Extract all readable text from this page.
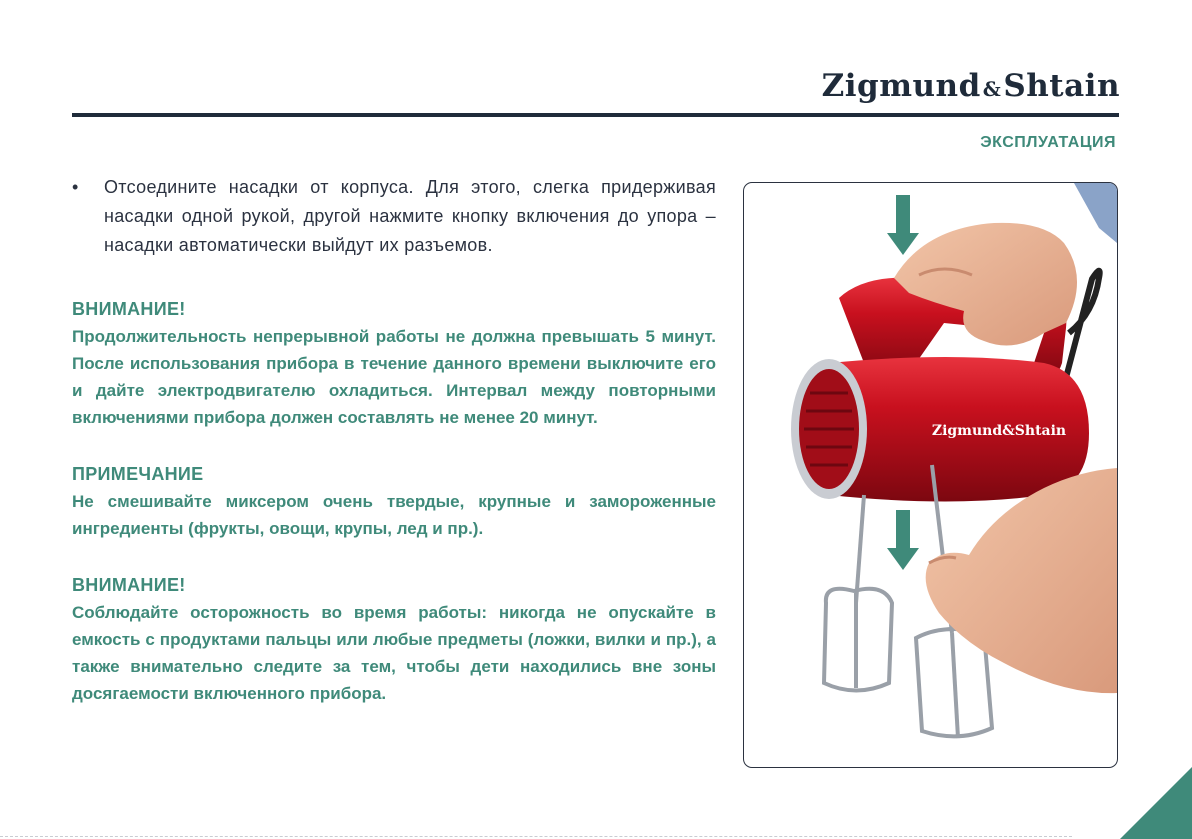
Zigmund &Shtain
ЭКСПЛУАТАЦИЯ
• Отсоедините насадки от корпуса. Для этого, слегка придерживая насадки одной рукой, другой нажмите кнопку включения до упора – насадки автоматически выйдут их разъемов.
ВНИМАНИЕ!
Продолжительность непрерывной работы не должна превышать 5 минут. После использования прибора в течение данного времени выключите его и дайте электродвигателю охладиться. Интервал между повторными включениями прибора должен составлять не менее 20 минут.
ПРИМЕЧАНИЕ
Не смешивайте миксером очень твердые, крупные и замороженные ингредиенты (фрукты, овощи, крупы, лед и пр.).
ВНИМАНИЕ!
Соблюдайте осторожность во время работы: никогда не опускайте в емкость с продуктами пальцы или любые предметы (ложки, вилки и пр.), а также внимательно следите за тем, чтобы дети находились вне зоны досягаемости включенного прибора.
Zigmund&Shtain
